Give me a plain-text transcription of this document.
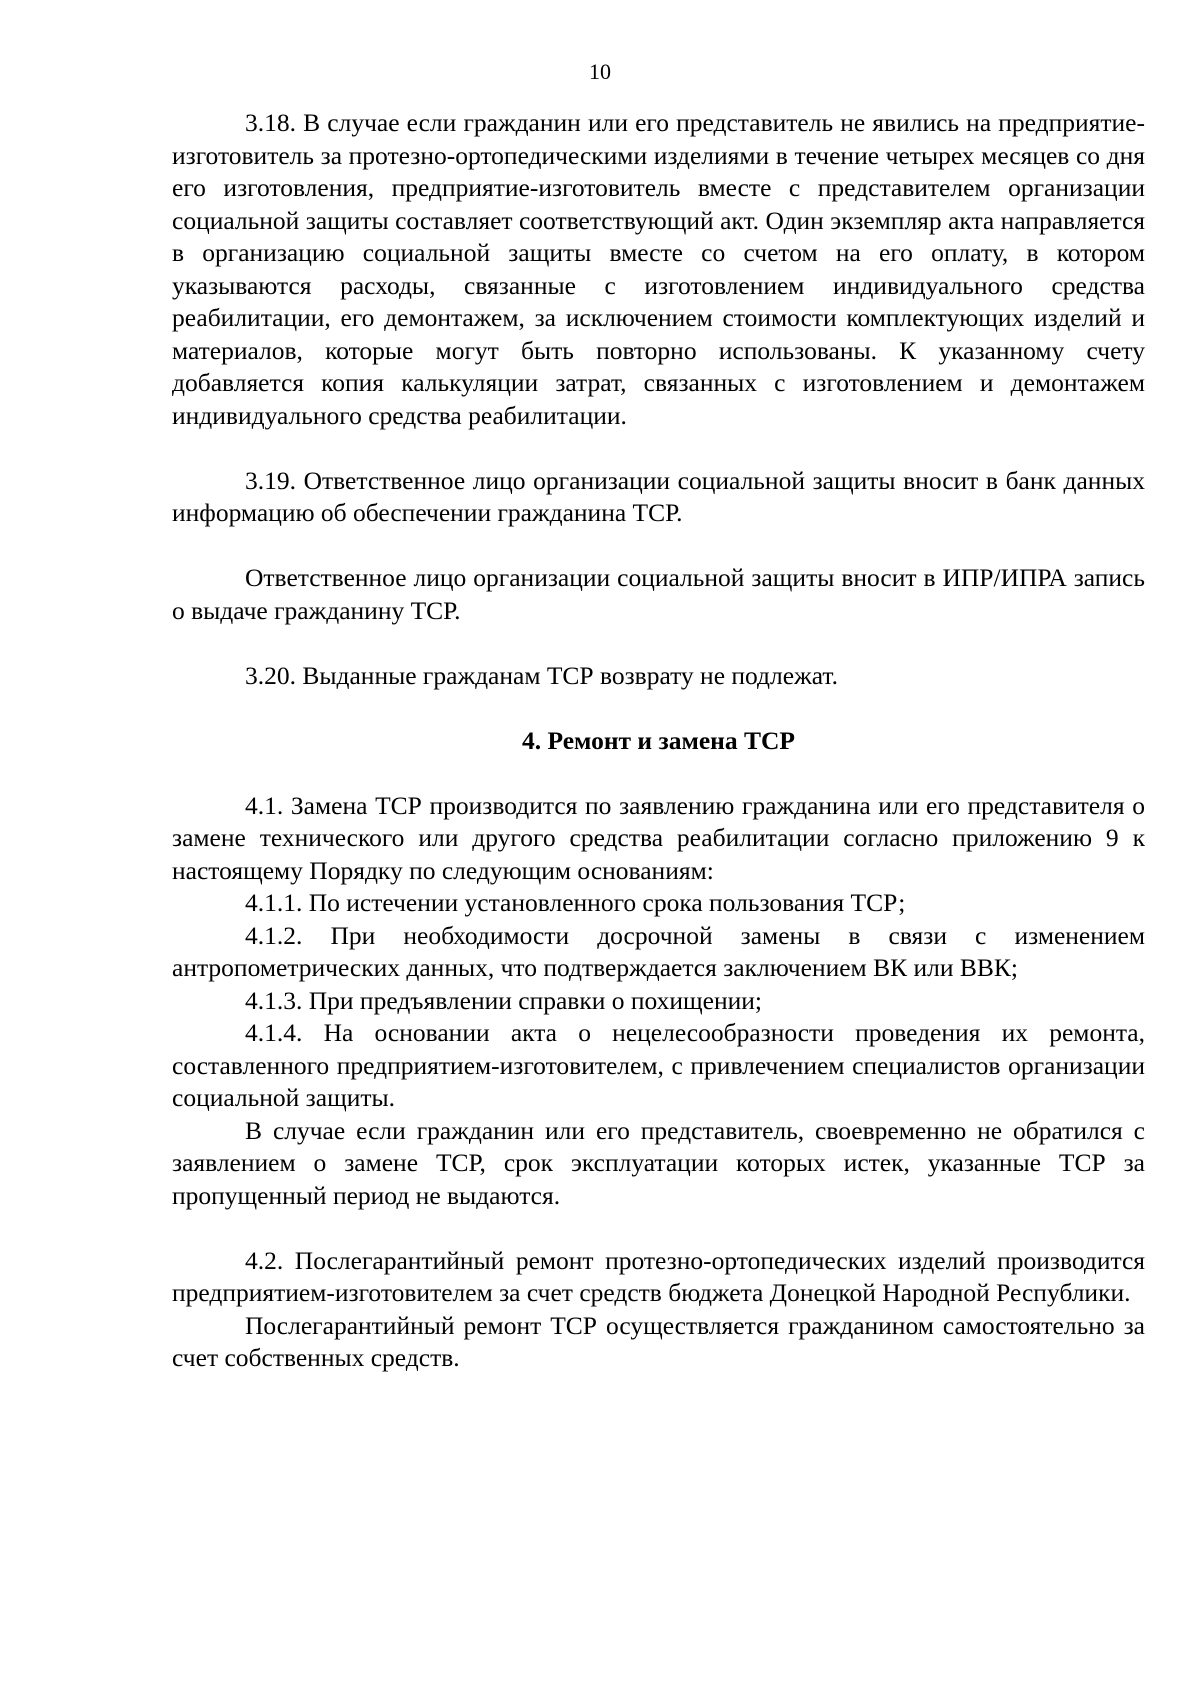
10

3.18. В случае если гражданин или его представитель не явились на предприятие-изготовитель за протезно-ортопедическими изделиями в течение четырех месяцев со дня его изготовления, предприятие-изготовитель вместе с представителем организации социальной защиты составляет соответствующий акт. Один экземпляр акта направляется в организацию социальной защиты вместе со счетом на его оплату, в котором указываются расходы, связанные с изготовлением индивидуального средства реабилитации, его демонтажем, за исключением стоимости комплектующих изделий и материалов, которые могут быть повторно использованы. К указанному счету добавляется копия калькуляции затрат, связанных с изготовлением и демонтажем индивидуального средства реабилитации.

3.19. Ответственное лицо организации социальной защиты вносит в банк данных информацию об обеспечении гражданина ТСР.

Ответственное лицо организации социальной защиты вносит в ИПР/ИПРА запись о выдаче гражданину ТСР.

3.20. Выданные гражданам ТСР возврату не подлежат.

4. Ремонт и замена ТСР

4.1. Замена ТСР производится по заявлению гражданина или его представителя о замене технического или другого средства реабилитации согласно приложению 9 к настоящему Порядку по следующим основаниям:

4.1.1. По истечении установленного срока пользования ТСР;

4.1.2. При необходимости досрочной замены в связи с изменением антропометрических данных, что подтверждается заключением ВК или ВВК;

4.1.3. При предъявлении справки о похищении;

4.1.4. На основании акта о нецелесообразности проведения их ремонта, составленного предприятием-изготовителем, с привлечением специалистов организации социальной защиты.

В случае если гражданин или его представитель, своевременно не обратился с заявлением о замене ТСР, срок эксплуатации которых истек, указанные ТСР за пропущенный период не выдаются.

4.2. Послегарантийный ремонт протезно-ортопедических изделий производится предприятием-изготовителем за счет средств бюджета Донецкой Народной Республики.

Послегарантийный ремонт ТСР осуществляется гражданином самостоятельно за счет собственных средств.
